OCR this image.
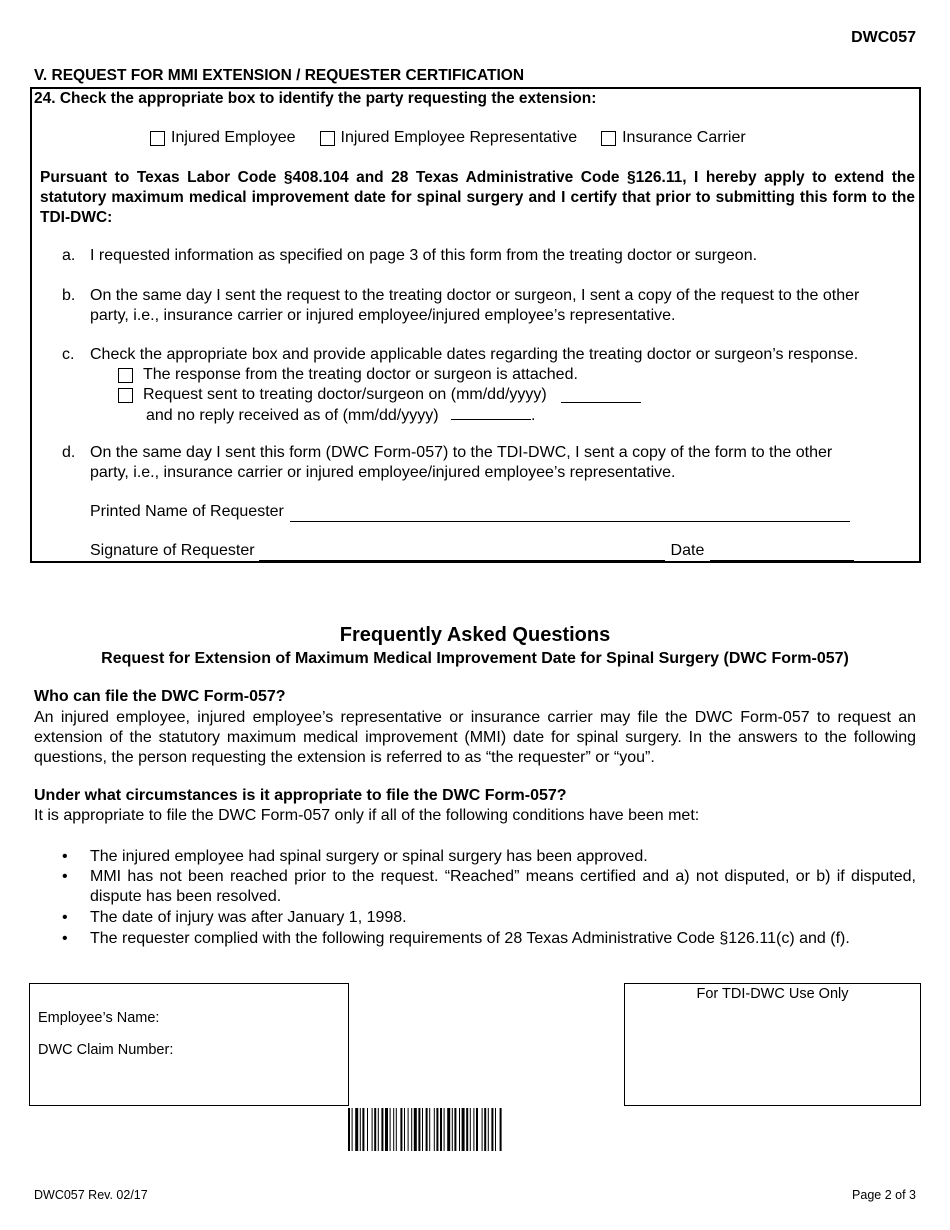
DWC057
V. REQUEST FOR MMI EXTENSION / REQUESTER CERTIFICATION
24. Check the appropriate box to identify the party requesting the extension:
Injured Employee	Injured Employee Representative	Insurance Carrier
Pursuant to Texas Labor Code §408.104 and 28 Texas Administrative Code §126.11, I hereby apply to extend the statutory maximum medical improvement date for spinal surgery and I certify that prior to submitting this form to the TDI-DWC:
a. I requested information as specified on page 3 of this form from the treating doctor or surgeon.
b. On the same day I sent the request to the treating doctor or surgeon, I sent a copy of the request to the other
party, i.e., insurance carrier or injured employee/injured employee’s representative.
c. Check the appropriate box and provide applicable dates regarding the treating doctor or surgeon’s response.
The response from the treating doctor or surgeon is attached.
Request sent to treating doctor/surgeon on (mm/dd/yyyy)
and no reply received as of (mm/dd/yyyy)	.
d. On the same day I sent this form (DWC Form-057) to the TDI-DWC, I sent a copy of the form to the other
party, i.e., insurance carrier or injured employee/injured employee’s representative.
Printed Name of Requester
Signature of Requester	Date
Frequently Asked Questions
Request for Extension of Maximum Medical Improvement Date for Spinal Surgery (DWC Form-057)
Who can file the DWC Form-057?
An injured employee, injured employee’s representative or insurance carrier may file the DWC Form-057 to request an extension of the statutory maximum medical improvement (MMI) date for spinal surgery. In the answers to the following questions, the person requesting the extension is referred to as “the requester” or “you”.
Under what circumstances is it appropriate to file the DWC Form-057?
It is appropriate to file the DWC Form-057 only if all of the following conditions have been met:
• The injured employee had spinal surgery or spinal surgery has been approved.
• MMI has not been reached prior to the request. “Reached” means certified and a) not disputed, or b) if disputed, dispute has been resolved.
• The date of injury was after January 1, 1998.
• The requester complied with the following requirements of 28 Texas Administrative Code §126.11(c) and (f).
Employee’s Name:
DWC Claim Number:
For TDI-DWC Use Only
DWC057 Rev. 02/17	Page 2 of 3
